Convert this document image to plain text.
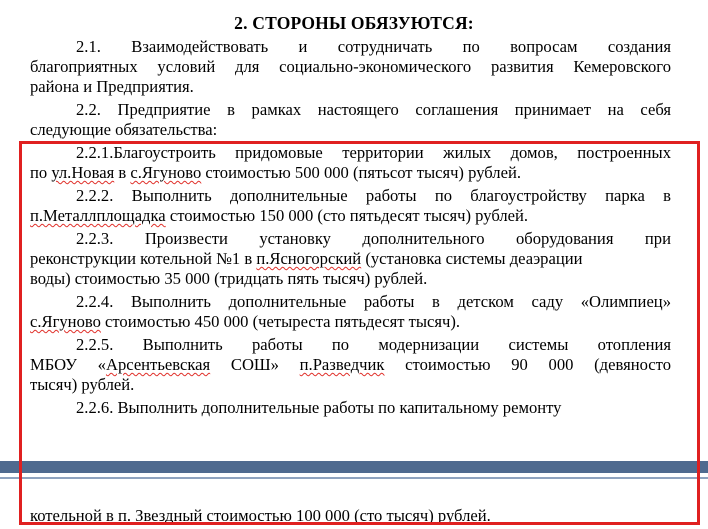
2. СТОРОНЫ ОБЯЗУЮТСЯ:
2.1. Взаимодействовать и сотрудничать по вопросам создания
благоприятных условий для социально-экономического развития Кемеровского
района и Предприятия.
2.2. Предприятие в рамках настоящего соглашения принимает на себя
следующие обязательства:
2.2.1.Благоустроить придомовые территории жилых домов, построенных
по ул.Новая в с.Ягуново стоимостью 500 000 (пятьсот тысяч) рублей.
2.2.2. Выполнить дополнительные работы по благоустройству парка в
п.Металлплощадка стоимостью 150 000 (сто пятьдесят тысяч) рублей.
2.2.3. Произвести установку дополнительного оборудования при
реконструкции котельной №1 в п.Ясногорский (установка системы деаэрации
воды) стоимостью 35 000 (тридцать пять тысяч) рублей.
2.2.4. Выполнить дополнительные работы в детском саду «Олимпиец»
с.Ягуново стоимостью 450 000 (четыреста пятьдесят тысяч).
2.2.5. Выполнить работы по модернизации системы отопления
МБОУ «Арсентьевская СОШ» п.Разведчик стоимостью 90 000 (девяносто
тысяч) рублей.
2.2.6. Выполнить дополнительные работы по капитальному ремонту
котельной в п. Звездный стоимостью 100 000 (сто тысяч) рублей.
